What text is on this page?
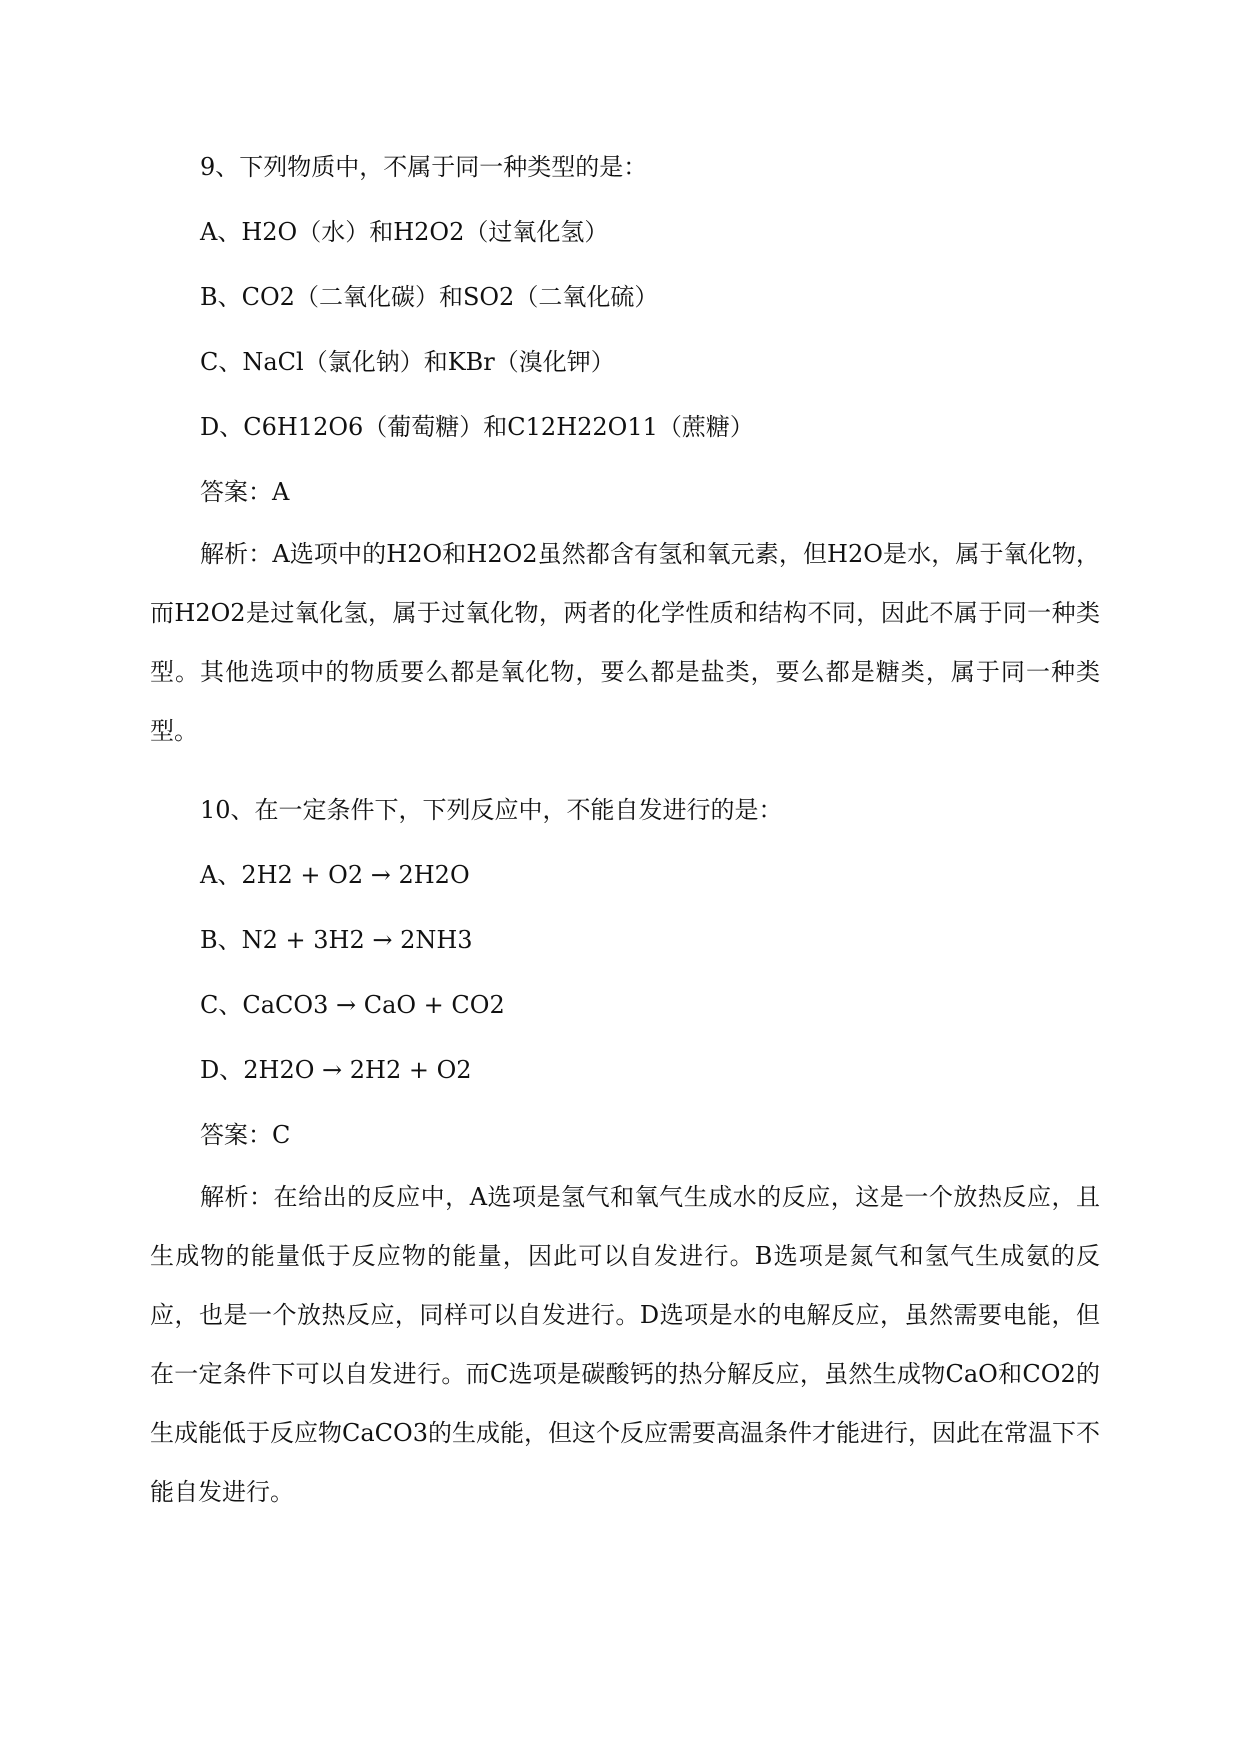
9、下列物质中，不属于同一种类型的是：
A、H2O（水）和H2O2（过氧化氢）
B、CO2（二氧化碳）和SO2（二氧化硫）
C、NaCl（氯化钠）和KBr（溴化钾）
D、C6H12O6（葡萄糖）和C12H22O11（蔗糖）
答案：A

解析：A选项中的H2O和H2O2虽然都含有氢和氧元素，但H2O是水，属于氧化物，而H2O2是过氧化氢，属于过氧化物，两者的化学性质和结构不同，因此不属于同一种类型。其他选项中的物质要么都是氧化物，要么都是盐类，要么都是糖类，属于同一种类型。

10、在一定条件下，下列反应中，不能自发进行的是：
A、2H2 + O2 → 2H2O
B、N2 + 3H2 → 2NH3
C、CaCO3 → CaO + CO2
D、2H2O → 2H2 + O2
答案：C

解析：在给出的反应中，A选项是氢气和氧气生成水的反应，这是一个放热反应，且生成物的能量低于反应物的能量，因此可以自发进行。B选项是氮气和氢气生成氨的反应，也是一个放热反应，同样可以自发进行。D选项是水的电解反应，虽然需要电能，但在一定条件下可以自发进行。而C选项是碳酸钙的热分解反应，虽然生成物CaO和CO2的生成能低于反应物CaCO3的生成能，但这个反应需要高温条件才能进行，因此在常温下不能自发进行。
